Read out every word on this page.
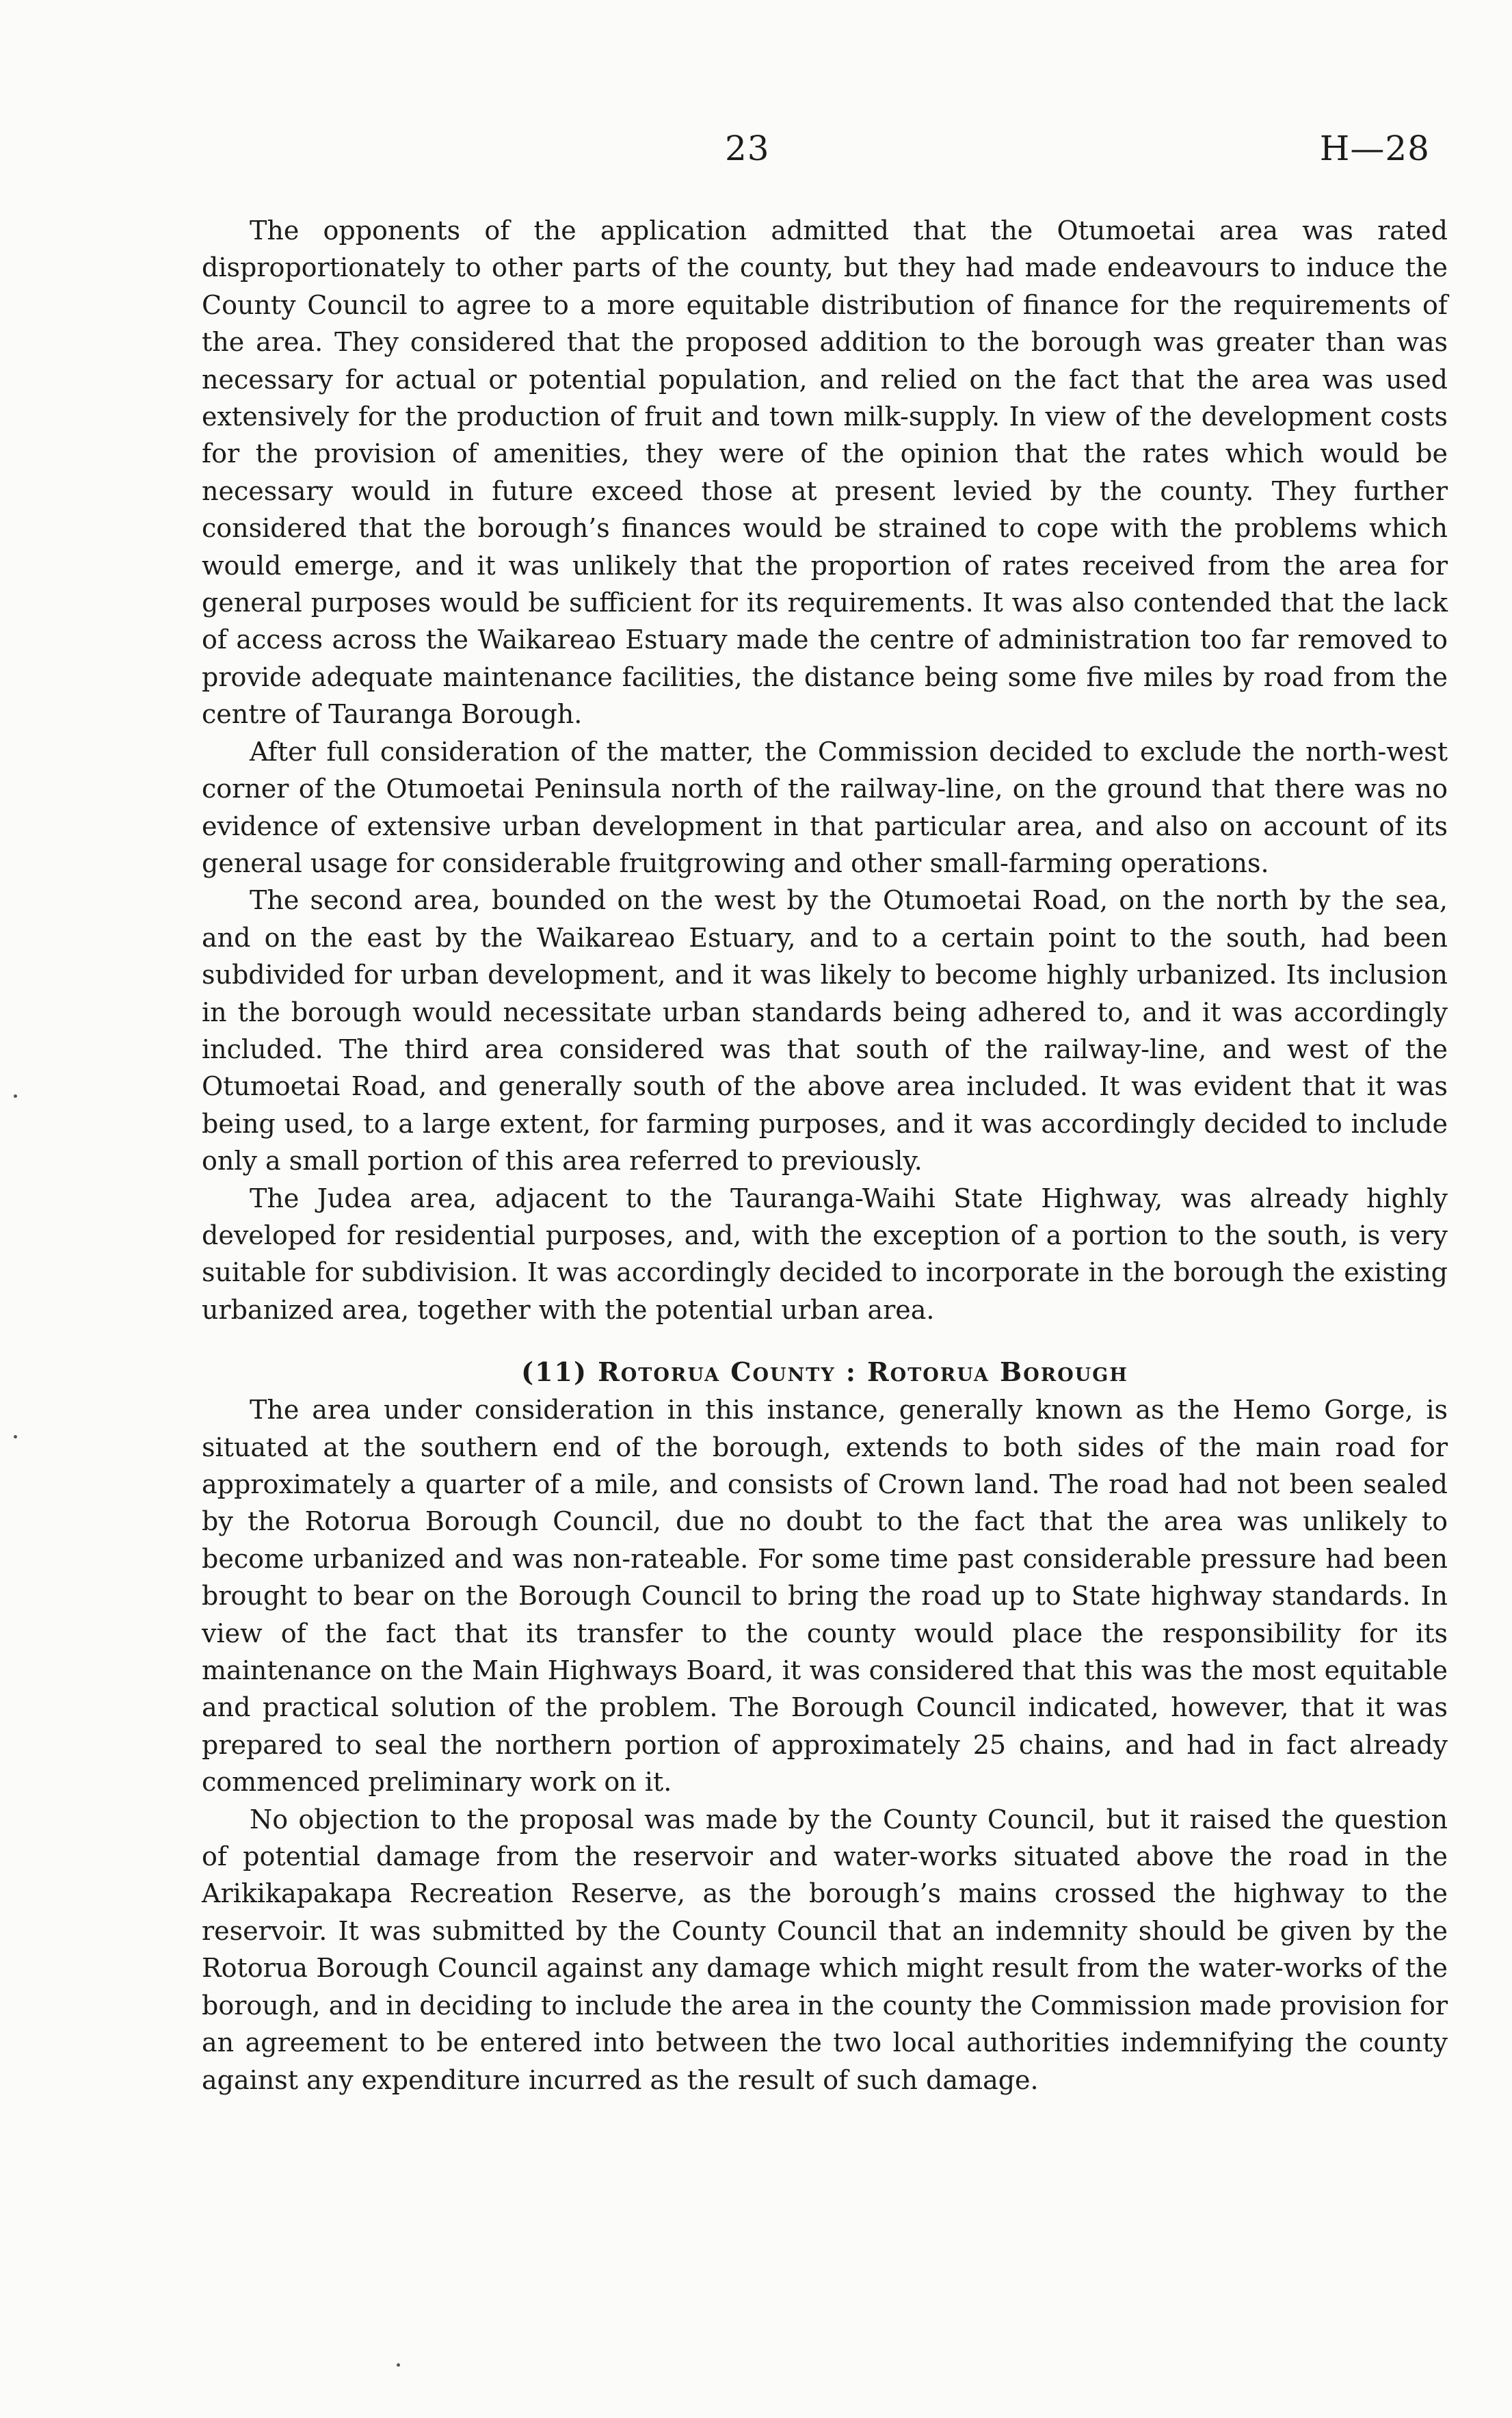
23	H—28

The opponents of the application admitted that the Otumoetai area was rated disproportionately to other parts of the county, but they had made endeavours to induce the County Council to agree to a more equitable distribution of finance for the requirements of the area. They considered that the proposed addition to the borough was greater than was necessary for actual or potential population, and relied on the fact that the area was used extensively for the production of fruit and town milk-supply. In view of the development costs for the provision of amenities, they were of the opinion that the rates which would be necessary would in future exceed those at present levied by the county. They further considered that the borough’s finances would be strained to cope with the problems which would emerge, and it was unlikely that the proportion of rates received from the area for general purposes would be sufficient for its requirements. It was also contended that the lack of access across the Waikareao Estuary made the centre of administration too far removed to provide adequate maintenance facilities, the distance being some five miles by road from the centre of Tauranga Borough.

After full consideration of the matter, the Commission decided to exclude the north-west corner of the Otumoetai Peninsula north of the railway-line, on the ground that there was no evidence of extensive urban development in that particular area, and also on account of its general usage for considerable fruitgrowing and other small-farming operations.

The second area, bounded on the west by the Otumoetai Road, on the north by the sea, and on the east by the Waikareao Estuary, and to a certain point to the south, had been subdivided for urban development, and it was likely to become highly urbanized. Its inclusion in the borough would necessitate urban standards being adhered to, and it was accordingly included. The third area considered was that south of the railway-line, and west of the Otumoetai Road, and generally south of the above area included. It was evident that it was being used, to a large extent, for farming purposes, and it was accordingly decided to include only a small portion of this area referred to previously.

The Judea area, adjacent to the Tauranga-Waihi State Highway, was already highly developed for residential purposes, and, with the exception of a portion to the south, is very suitable for subdivision. It was accordingly decided to incorporate in the borough the existing urbanized area, together with the potential urban area.

(11) Rotorua County : Rotorua Borough

The area under consideration in this instance, generally known as the Hemo Gorge, is situated at the southern end of the borough, extends to both sides of the main road for approximately a quarter of a mile, and consists of Crown land. The road had not been sealed by the Rotorua Borough Council, due no doubt to the fact that the area was unlikely to become urbanized and was non-rateable. For some time past considerable pressure had been brought to bear on the Borough Council to bring the road up to State highway standards. In view of the fact that its transfer to the county would place the responsibility for its maintenance on the Main Highways Board, it was considered that this was the most equitable and practical solution of the problem. The Borough Council indicated, however, that it was prepared to seal the northern portion of approximately 25 chains, and had in fact already commenced preliminary work on it.

No objection to the proposal was made by the County Council, but it raised the question of potential damage from the reservoir and water-works situated above the road in the Arikikapakapa Recreation Reserve, as the borough’s mains crossed the highway to the reservoir. It was submitted by the County Council that an indemnity should be given by the Rotorua Borough Council against any damage which might result from the water-works of the borough, and in deciding to include the area in the county the Commission made provision for an agreement to be entered into between the two local authorities indemnifying the county against any expenditure incurred as the result of such damage.
